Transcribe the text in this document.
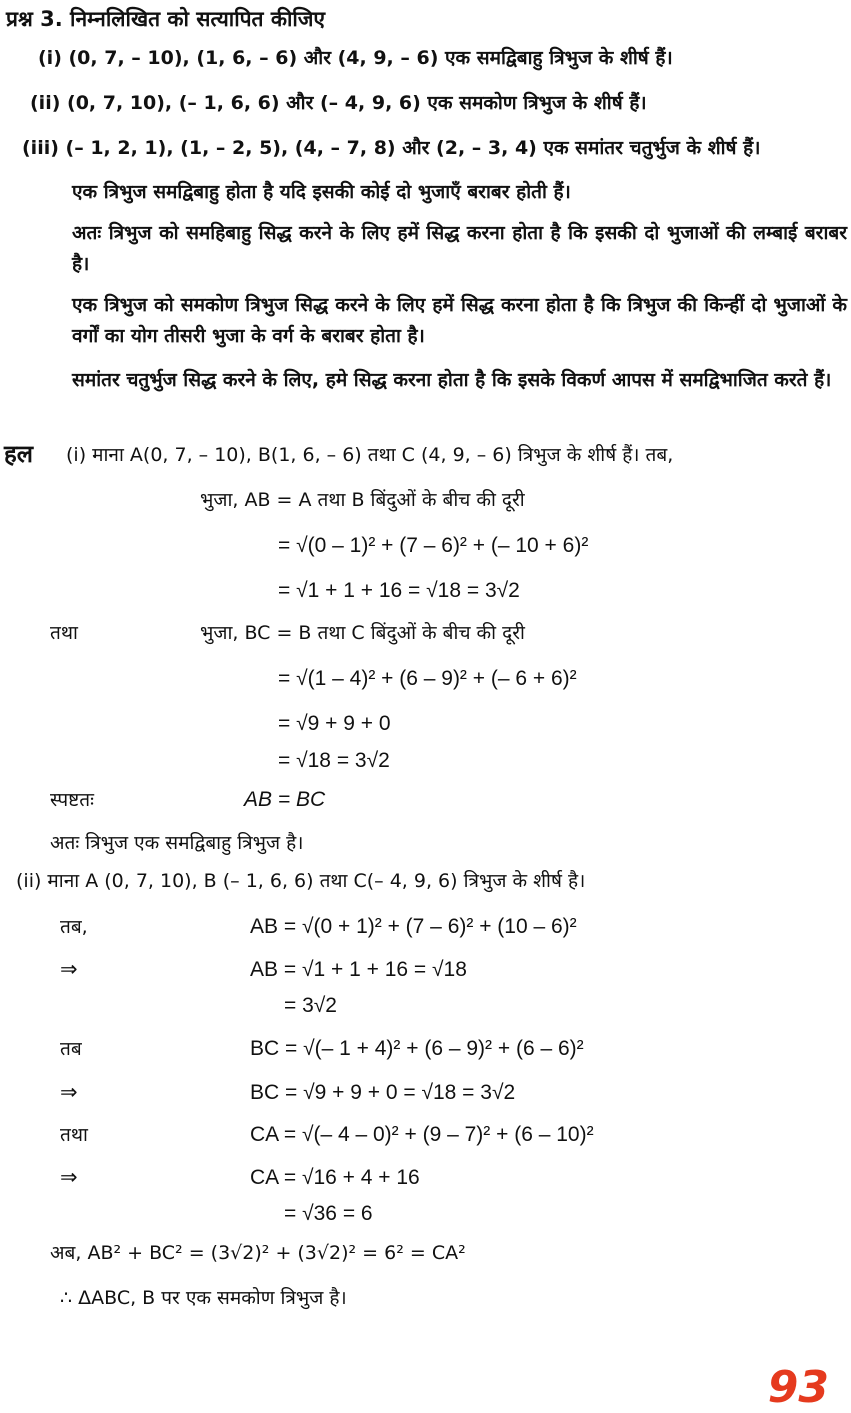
प्रश्न 3. निम्नलिखित को सत्यापित कीजिए
(i) (0, 7, – 10), (1, 6, – 6) और (4, 9, – 6) एक समद्विबाहु त्रिभुज के शीर्ष हैं।
(ii) (0, 7, 10), (– 1, 6, 6) और (– 4, 9, 6) एक समकोण त्रिभुज के शीर्ष हैं।
(iii) (– 1, 2, 1), (1, – 2, 5), (4, – 7, 8) और (2, – 3, 4) एक समांतर चतुर्भुज के शीर्ष हैं।
एक त्रिभुज समद्विबाहु होता है यदि इसकी कोई दो भुजाएँ बराबर होती हैं।
अतः त्रिभुज को समहिबाहु सिद्ध करने के लिए हमें सिद्ध करना होता है कि इसकी दो भुजाओं की लम्बाई बराबर है।
एक त्रिभुज को समकोण त्रिभुज सिद्ध करने के लिए हमें सिद्ध करना होता है कि त्रिभुज की किन्हीं दो भुजाओं के वर्गों का योग तीसरी भुजा के वर्ग के बराबर होता है।
समांतर चतुर्भुज सिद्ध करने के लिए, हमे सिद्ध करना होता है कि इसके विकर्ण आपस में समद्विभाजित करते हैं।
हल (i) माना A(0, 7, – 10), B(1, 6, – 6) तथा C (4, 9, – 6) त्रिभुज के शीर्ष हैं। तब,
भुजा, AB = A तथा B बिंदुओं के बीच की दूरी
= √(0 – 1)² + (7 – 6)² + (– 10 + 6)²
= √1 + 1 + 16 = √18 = 3√2
तथा	भुजा, BC = B तथा C बिंदुओं के बीच की दूरी
= √(1 – 4)² + (6 – 9)² + (– 6 + 6)²
= √9 + 9 + 0
= √18 = 3√2
स्पष्टतः	AB = BC
अतः त्रिभुज एक समद्विबाहु त्रिभुज है।
(ii) माना A (0, 7, 10), B (– 1, 6, 6) तथा C(– 4, 9, 6) त्रिभुज के शीर्ष है।
तब,	AB = √(0 + 1)² + (7 – 6)² + (10 – 6)²
⇒	AB = √1 + 1 + 16 = √18
= 3√2
तब	BC = √(– 1 + 4)² + (6 – 9)² + (6 – 6)²
⇒	BC = √9 + 9 + 0 = √18 = 3√2
तथा	CA = √(– 4 – 0)² + (9 – 7)² + (6 – 10)²
⇒	CA = √16 + 4 + 16
= √36 = 6
अब, AB² + BC² = (3√2)² + (3√2)² = 6² = CA²
∴ ΔABC, B पर एक समकोण त्रिभुज है।
93
